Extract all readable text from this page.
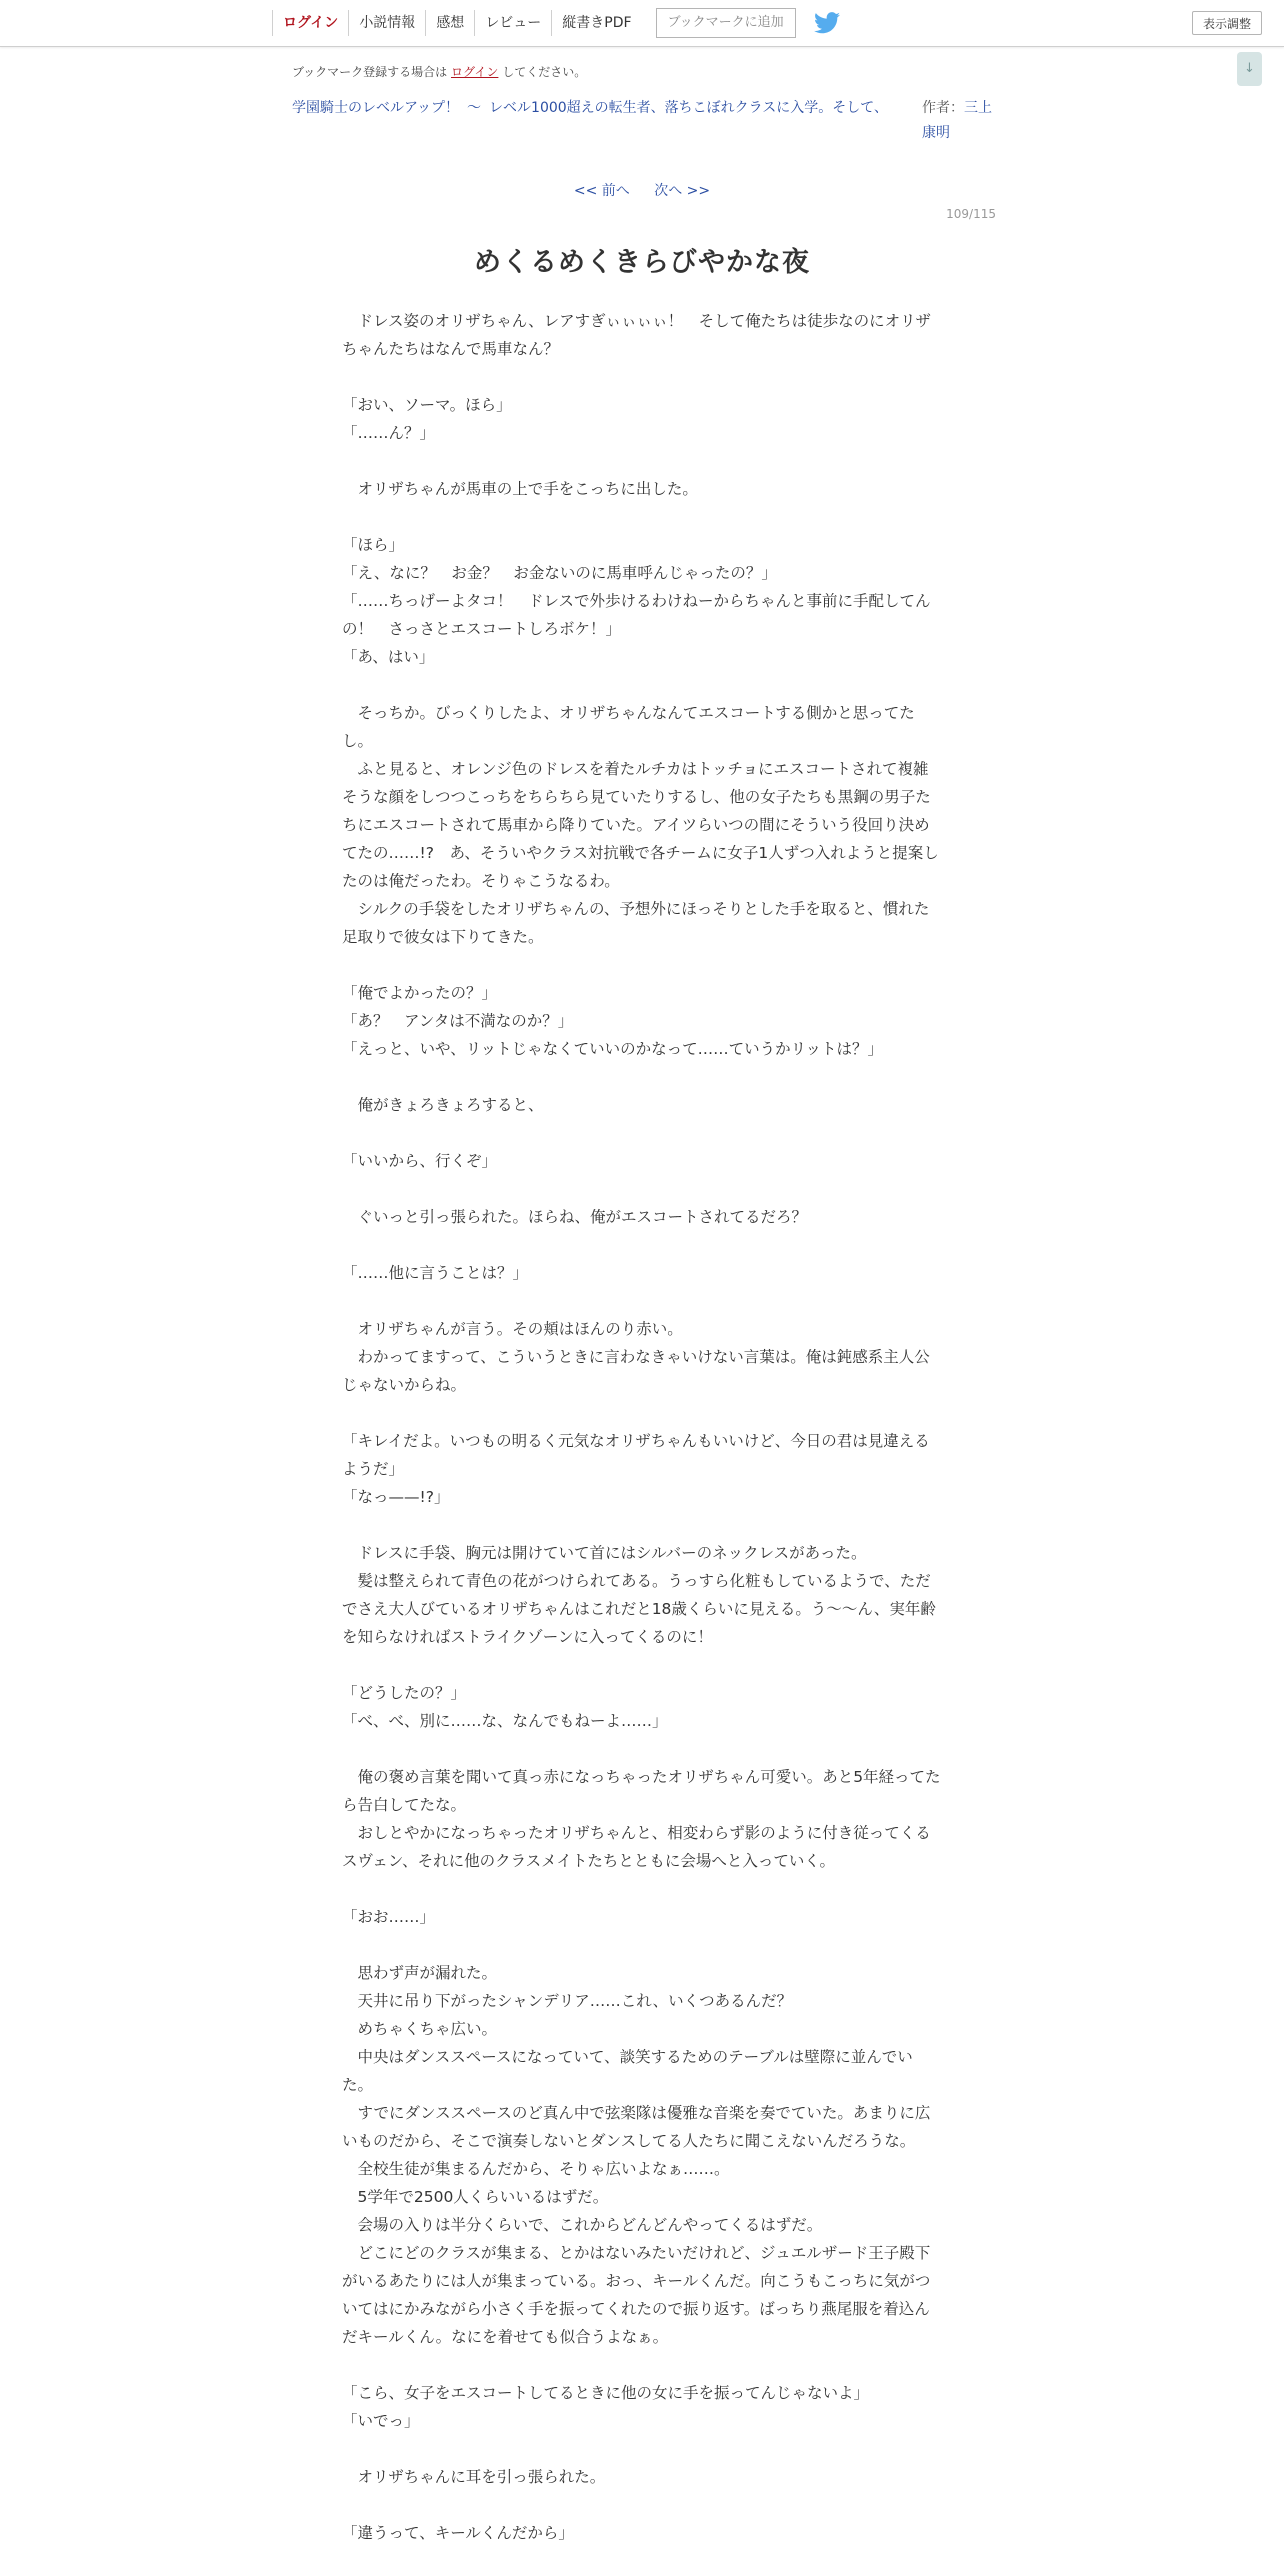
ログイン	小説情報	感想	レビュー	縦書きPDF	ブックマークに追加	表示調整
↓
ブックマーク登録する場合は ログイン してください。
学園騎士のレベルアップ！ 〜 レベル1000超えの転生者、落ちこぼれクラスに入学。そして、	作者：三上康明
<< 前へ 次へ >>
109/115
めくるめくきらびやかな夜

　ドレス姿のオリザちゃん、レアすぎぃぃぃぃ！　そして俺たちは徒歩なのにオリザちゃんたちはなんで馬車なん？

「おい、ソーマ。ほら」

「……ん？」

　オリザちゃんが馬車の上で手をこっちに出した。

「ほら」

「え、なに？　お金？　お金ないのに馬車呼んじゃったの？」

「……ちっげーよタコ！　ドレスで外歩けるわけねーからちゃんと事前に手配してんの！　さっさとエスコートしろボケ！」

「あ、はい」

　そっちか。びっくりしたよ、オリザちゃんなんてエスコートする側かと思ってたし。

　ふと見ると、オレンジ色のドレスを着たルチカはトッチョにエスコートされて複雑そうな顔をしつつこっちをちらちら見ていたりするし、他の女子たちも黒鋼の男子たちにエスコートされて馬車から降りていた。アイツらいつの間にそういう役回り決めてたの……!?　あ、そういやクラス対抗戦で各チームに女子1人ずつ入れようと提案したのは俺だったわ。そりゃこうなるわ。

　シルクの手袋をしたオリザちゃんの、予想外にほっそりとした手を取ると、慣れた足取りで彼女は下りてきた。

「俺でよかったの？」

「あ？　アンタは不満なのか？」

「えっと、いや、リットじゃなくていいのかなって……ていうかリットは？」

　俺がきょろきょろすると、

「いいから、行くぞ」

　ぐいっと引っ張られた。ほらね、俺がエスコートされてるだろ？

「……他に言うことは？」

　オリザちゃんが言う。その頬はほんのり赤い。

　わかってますって、こういうときに言わなきゃいけない言葉は。俺は鈍感系主人公じゃないからね。

「キレイだよ。いつもの明るく元気なオリザちゃんもいいけど、今日の君は見違えるようだ」

「なっ——!?」

　ドレスに手袋、胸元は開けていて首にはシルバーのネックレスがあった。

　髪は整えられて青色の花がつけられてある。うっすら化粧もしているようで、ただでさえ大人びているオリザちゃんはこれだと18歳くらいに見える。う〜〜ん、実年齢を知らなければストライクゾーンに入ってくるのに！

「どうしたの？」

「べ、べ、別に……な、なんでもねーよ……」

　俺の褒め言葉を聞いて真っ赤になっちゃったオリザちゃん可愛い。あと5年経ってたら告白してたな。

　おしとやかになっちゃったオリザちゃんと、相変わらず影のように付き従ってくるスヴェン、それに他のクラスメイトたちとともに会場へと入っていく。

「おお……」

　思わず声が漏れた。

　天井に吊り下がったシャンデリア……これ、いくつあるんだ？

　めちゃくちゃ広い。

　中央はダンススペースになっていて、談笑するためのテーブルは壁際に並んでいた。

　すでにダンススペースのど真ん中で弦楽隊は優雅な音楽を奏でていた。あまりに広いものだから、そこで演奏しないとダンスしてる人たちに聞こえないんだろうな。

　全校生徒が集まるんだから、そりゃ広いよなぁ……。

　5学年で2500人くらいいるはずだ。

　会場の入りは半分くらいで、これからどんどんやってくるはずだ。

　どこにどのクラスが集まる、とかはないみたいだけれど、ジュエルザード王子殿下がいるあたりには人が集まっている。おっ、キールくんだ。向こうもこっちに気がついてはにかみながら小さく手を振ってくれたので振り返す。ばっちり燕尾服を着込んだキールくん。なにを着せても似合うよなぁ。

「こら、女子をエスコートしてるときに他の女に手を振ってんじゃないよ」

「いでっ」

　オリザちゃんに耳を引っ張られた。

「違うって、キールくんだから」
